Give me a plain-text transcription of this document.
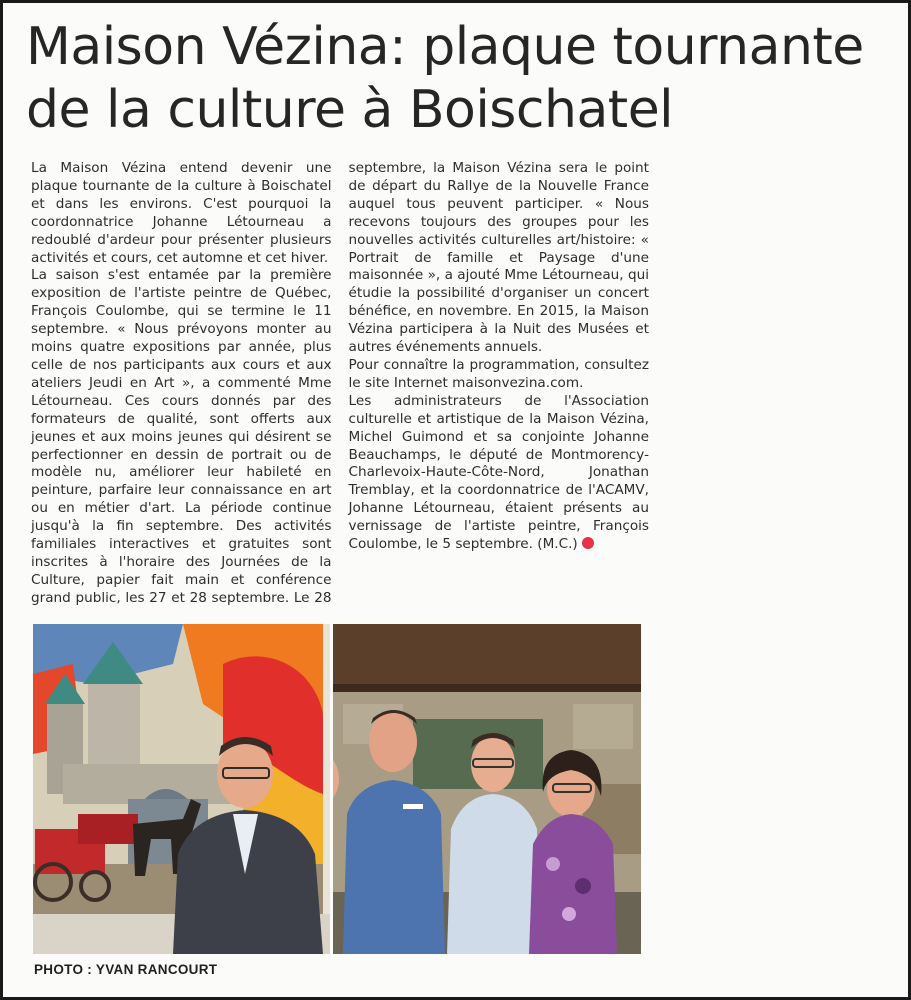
Maison Vézina: plaque tournante de la culture à Boischatel

La Maison Vézina entend devenir une plaque tournante de la culture à Boischatel et dans les environs. C'est pourquoi la coordonnatrice Johanne Létourneau a redoublé d'ardeur pour présenter plusieurs activités et cours, cet automne et cet hiver.

La saison s'est entamée par la première exposition de l'artiste peintre de Québec, François Coulombe, qui se termine le 11 septembre. « Nous prévoyons monter au moins quatre expositions par année, plus celle de nos participants aux cours et aux ateliers Jeudi en Art », a commenté Mme Létourneau. Ces cours donnés par des formateurs de qualité, sont offerts aux jeunes et aux moins jeunes qui désirent se perfectionner en dessin de portrait ou de modèle nu, améliorer leur habileté en peinture, parfaire leur connaissance en art ou en métier d'art. La période continue jusqu'à la fin septembre. Des activités familiales interactives et gratuites sont inscrites à l'horaire des Journées de la Culture, papier fait main et conférence grand public, les 27 et 28 septembre. Le 28 septembre, la Maison Vézina sera le point de départ du Rallye de la Nouvelle France auquel tous peuvent participer. « Nous recevons toujours des groupes pour les nouvelles activités culturelles art/histoire: « Portrait de famille et Paysage d'une maisonnée », a ajouté Mme Létourneau, qui étudie la possibilité d'organiser un concert bénéfice, en novembre. En 2015, la Maison Vézina participera à la Nuit des Musées et autres événements annuels.

Pour connaître la programmation, consultez le site Internet maisonvezina.com.

Les administrateurs de l'Association culturelle et artistique de la Maison Vézina, Michel Guimond et sa conjointe Johanne Beauchamps, le député de Montmorency-Charlevoix-Haute-Côte-Nord, Jonathan Tremblay, et la coordonnatrice de l'ACAMV, Johanne Létourneau, étaient présents au vernissage de l'artiste peintre, François Coulombe, le 5 septembre. (M.C.)

PHOTO : YVAN RANCOURT
